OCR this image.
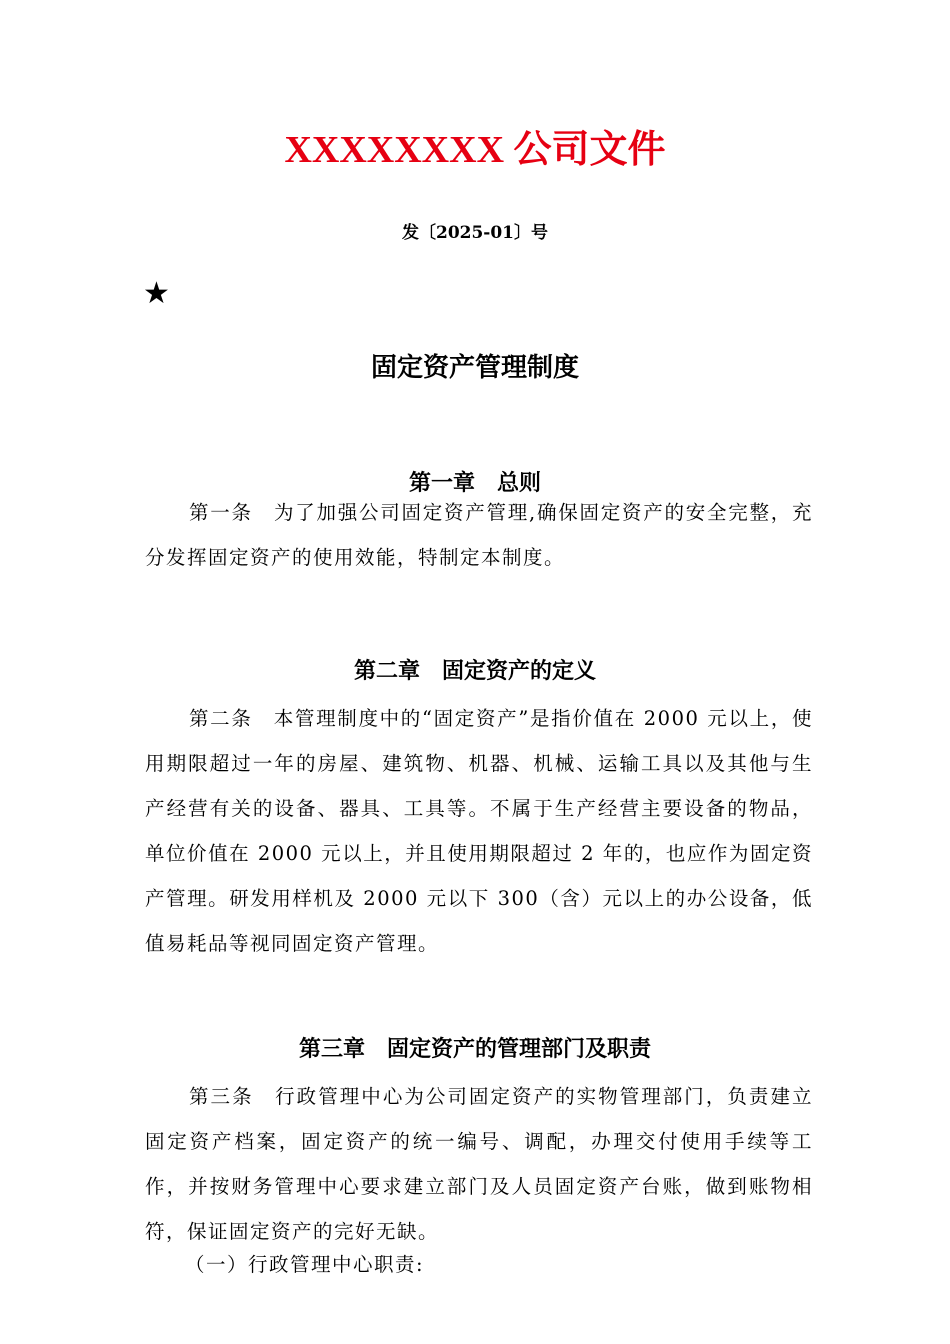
XXXXXXXX 公司文件
发〔2025-01〕号
★
固定资产管理制度
第一章　总则
第一条　为了加强公司固定资产管理,确保固定资产的安全完整，充分发挥固定资产的使用效能，特制定本制度。
第二章　固定资产的定义
第二条　本管理制度中的“固定资产”是指价值在 2000 元以上，使用期限超过一年的房屋、建筑物、机器、机械、运输工具以及其他与生产经营有关的设备、器具、工具等。不属于生产经营主要设备的物品，单位价值在 2000 元以上，并且使用期限超过 2 年的，也应作为固定资产管理。研发用样机及 2000 元以下 300（含）元以上的办公设备，低值易耗品等视同固定资产管理。
第三章　固定资产的管理部门及职责
第三条　行政管理中心为公司固定资产的实物管理部门，负责建立固定资产档案，固定资产的统一编号、调配，办理交付使用手续等工作，并按财务管理中心要求建立部门及人员固定资产台账，做到账物相符，保证固定资产的完好无缺。
（一）行政管理中心职责:
